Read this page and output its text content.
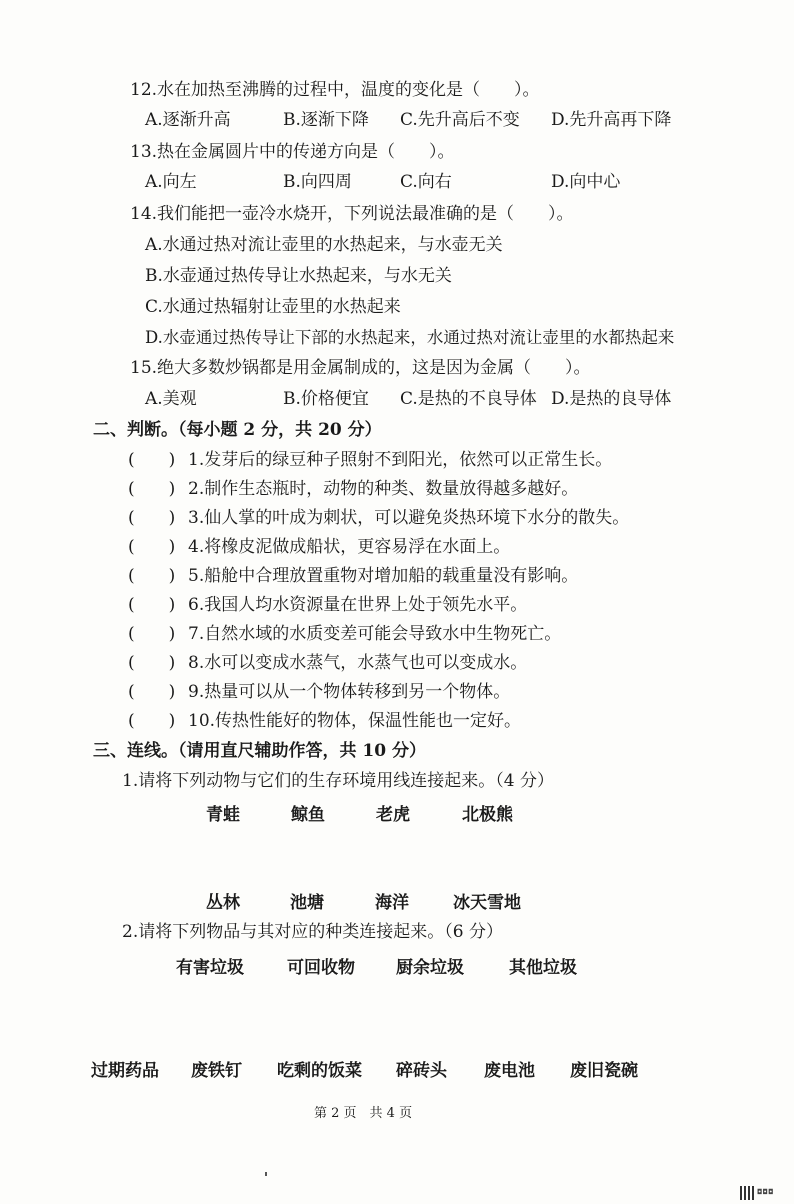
12.水在加热至沸腾的过程中，温度的变化是（　　）。
A.逐渐升高	B.逐渐下降 C.先升高后不变 D.先升高再下降
13.热在金属圆片中的传递方向是（　　）。
A.向左	B.向四周	C.向右	D.向中心
14.我们能把一壶冷水烧开，下列说法最准确的是（　　）。
A.水通过热对流让壶里的水热起来，与水壶无关
B.水壶通过热传导让水热起来，与水无关
C.水通过热辐射让壶里的水热起来
D.水壶通过热传导让下部的水热起来，水通过热对流让壶里的水都热起来
15.绝大多数炒锅都是用金属制成的，这是因为金属（　　）。
A.美观	B.价格便宜 C.是热的不良导体 D.是热的良导体
二、判断。（每小题 2 分，共 20 分）
(　　) 1.发芽后的绿豆种子照射不到阳光，依然可以正常生长。
(　　) 2.制作生态瓶时，动物的种类、数量放得越多越好。
(　　) 3.仙人掌的叶成为刺状，可以避免炎热环境下水分的散失。
(　　) 4.将橡皮泥做成船状，更容易浮在水面上。
(　　) 5.船舱中合理放置重物对增加船的载重量没有影响。
(　　) 6.我国人均水资源量在世界上处于领先水平。
(　　) 7.自然水域的水质变差可能会导致水中生物死亡。
(　　) 8.水可以变成水蒸气，水蒸气也可以变成水。
(　　) 9.热量可以从一个物体转移到另一个物体。
(　　) 10.传热性能好的物体，保温性能也一定好。
三、连线。（请用直尺辅助作答，共 10 分）
1.请将下列动物与它们的生存环境用线连接起来。（4 分）
青蛙	鲸鱼	老虎	北极熊
丛林	池塘	海洋	冰天雪地
2.请将下列物品与其对应的种类连接起来。（6 分）
有害垃圾	可回收物 厨余垃圾	其他垃圾
过期药品 废铁钉 吃剩的饭菜 碎砖头 废电池 废旧瓷碗
第 2 页　共 4 页
◘◘◘
